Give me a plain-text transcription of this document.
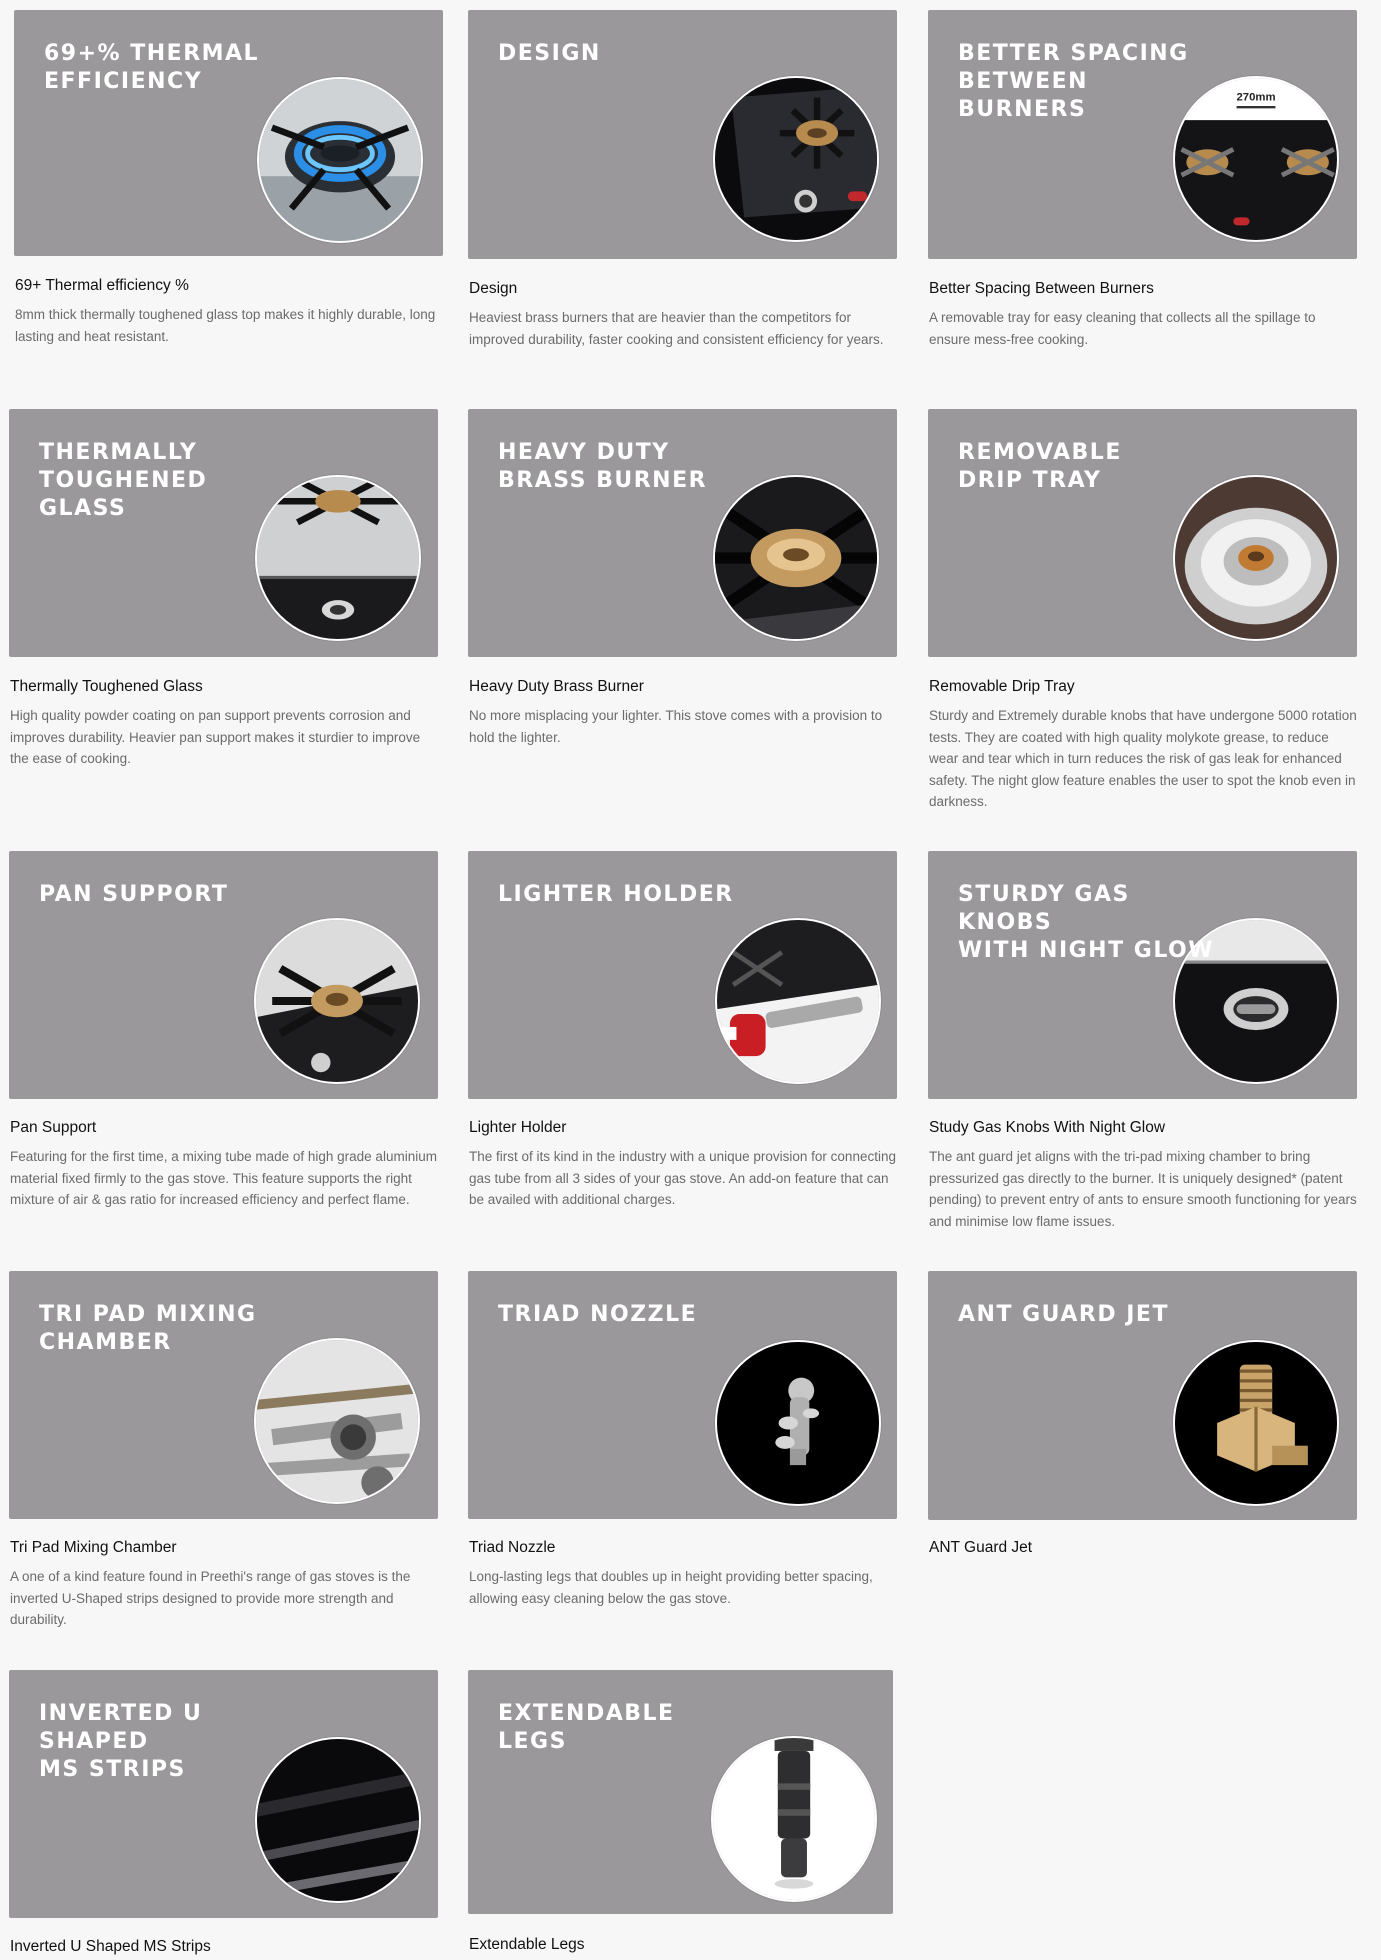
69+% THERMAL
EFFICIENCY
69+ Thermal efficiency %

8mm thick thermally toughened glass top makes it highly durable, long lasting and heat resistant.

DESIGN
Design

Heaviest brass burners that are heavier than the competitors for improved durability, faster cooking and consistent efficiency for years.

BETTER SPACING
BETWEEN BURNERS	270mm
Better Spacing Between Burners

A removable tray for easy cleaning that collects all the spillage to ensure mess-free cooking.

THERMALLY
TOUGHENED
GLASS
Thermally Toughened Glass

High quality powder coating on pan support prevents corrosion and improves durability. Heavier pan support makes it sturdier to improve the ease of cooking.

HEAVY DUTY
BRASS BURNER
Heavy Duty Brass Burner

No more misplacing your lighter. This stove comes with a provision to hold the lighter.

REMOVABLE
DRIP TRAY
Removable Drip Tray

Sturdy and Extremely durable knobs that have undergone 5000 rotation tests. They are coated with high quality molykote grease, to reduce wear and tear which in turn reduces the risk of gas leak for enhanced safety. The night glow feature enables the user to spot the knob even in darkness.

PAN SUPPORT
Pan Support

Featuring for the first time, a mixing tube made of high grade aluminium material fixed firmly to the gas stove. This feature supports the right mixture of air & gas ratio for increased efficiency and perfect flame.

LIGHTER HOLDER
Lighter Holder

The first of its kind in the industry with a unique provision for connecting gas tube from all 3 sides of your gas stove. An add-on feature that can be availed with additional charges.

STURDY GAS KNOBS
WITH NIGHT GLOW
Study Gas Knobs With Night Glow

The ant guard jet aligns with the tri-pad mixing chamber to bring pressurized gas directly to the burner. It is uniquely designed* (patent pending) to prevent entry of ants to ensure smooth functioning for years and minimise low flame issues.

TRI PAD MIXING
CHAMBER
Tri Pad Mixing Chamber

A one of a kind feature found in Preethi's range of gas stoves is the inverted U-Shaped strips designed to provide more strength and durability.

TRIAD NOZZLE
Triad Nozzle

Long-lasting legs that doubles up in height providing better spacing, allowing easy cleaning below the gas stove.

ANT GUARD JET
ANT Guard Jet
INVERTED U SHAPED
MS STRIPS
Inverted U Shaped MS Strips
EXTENDABLE
LEGS
Extendable Legs
